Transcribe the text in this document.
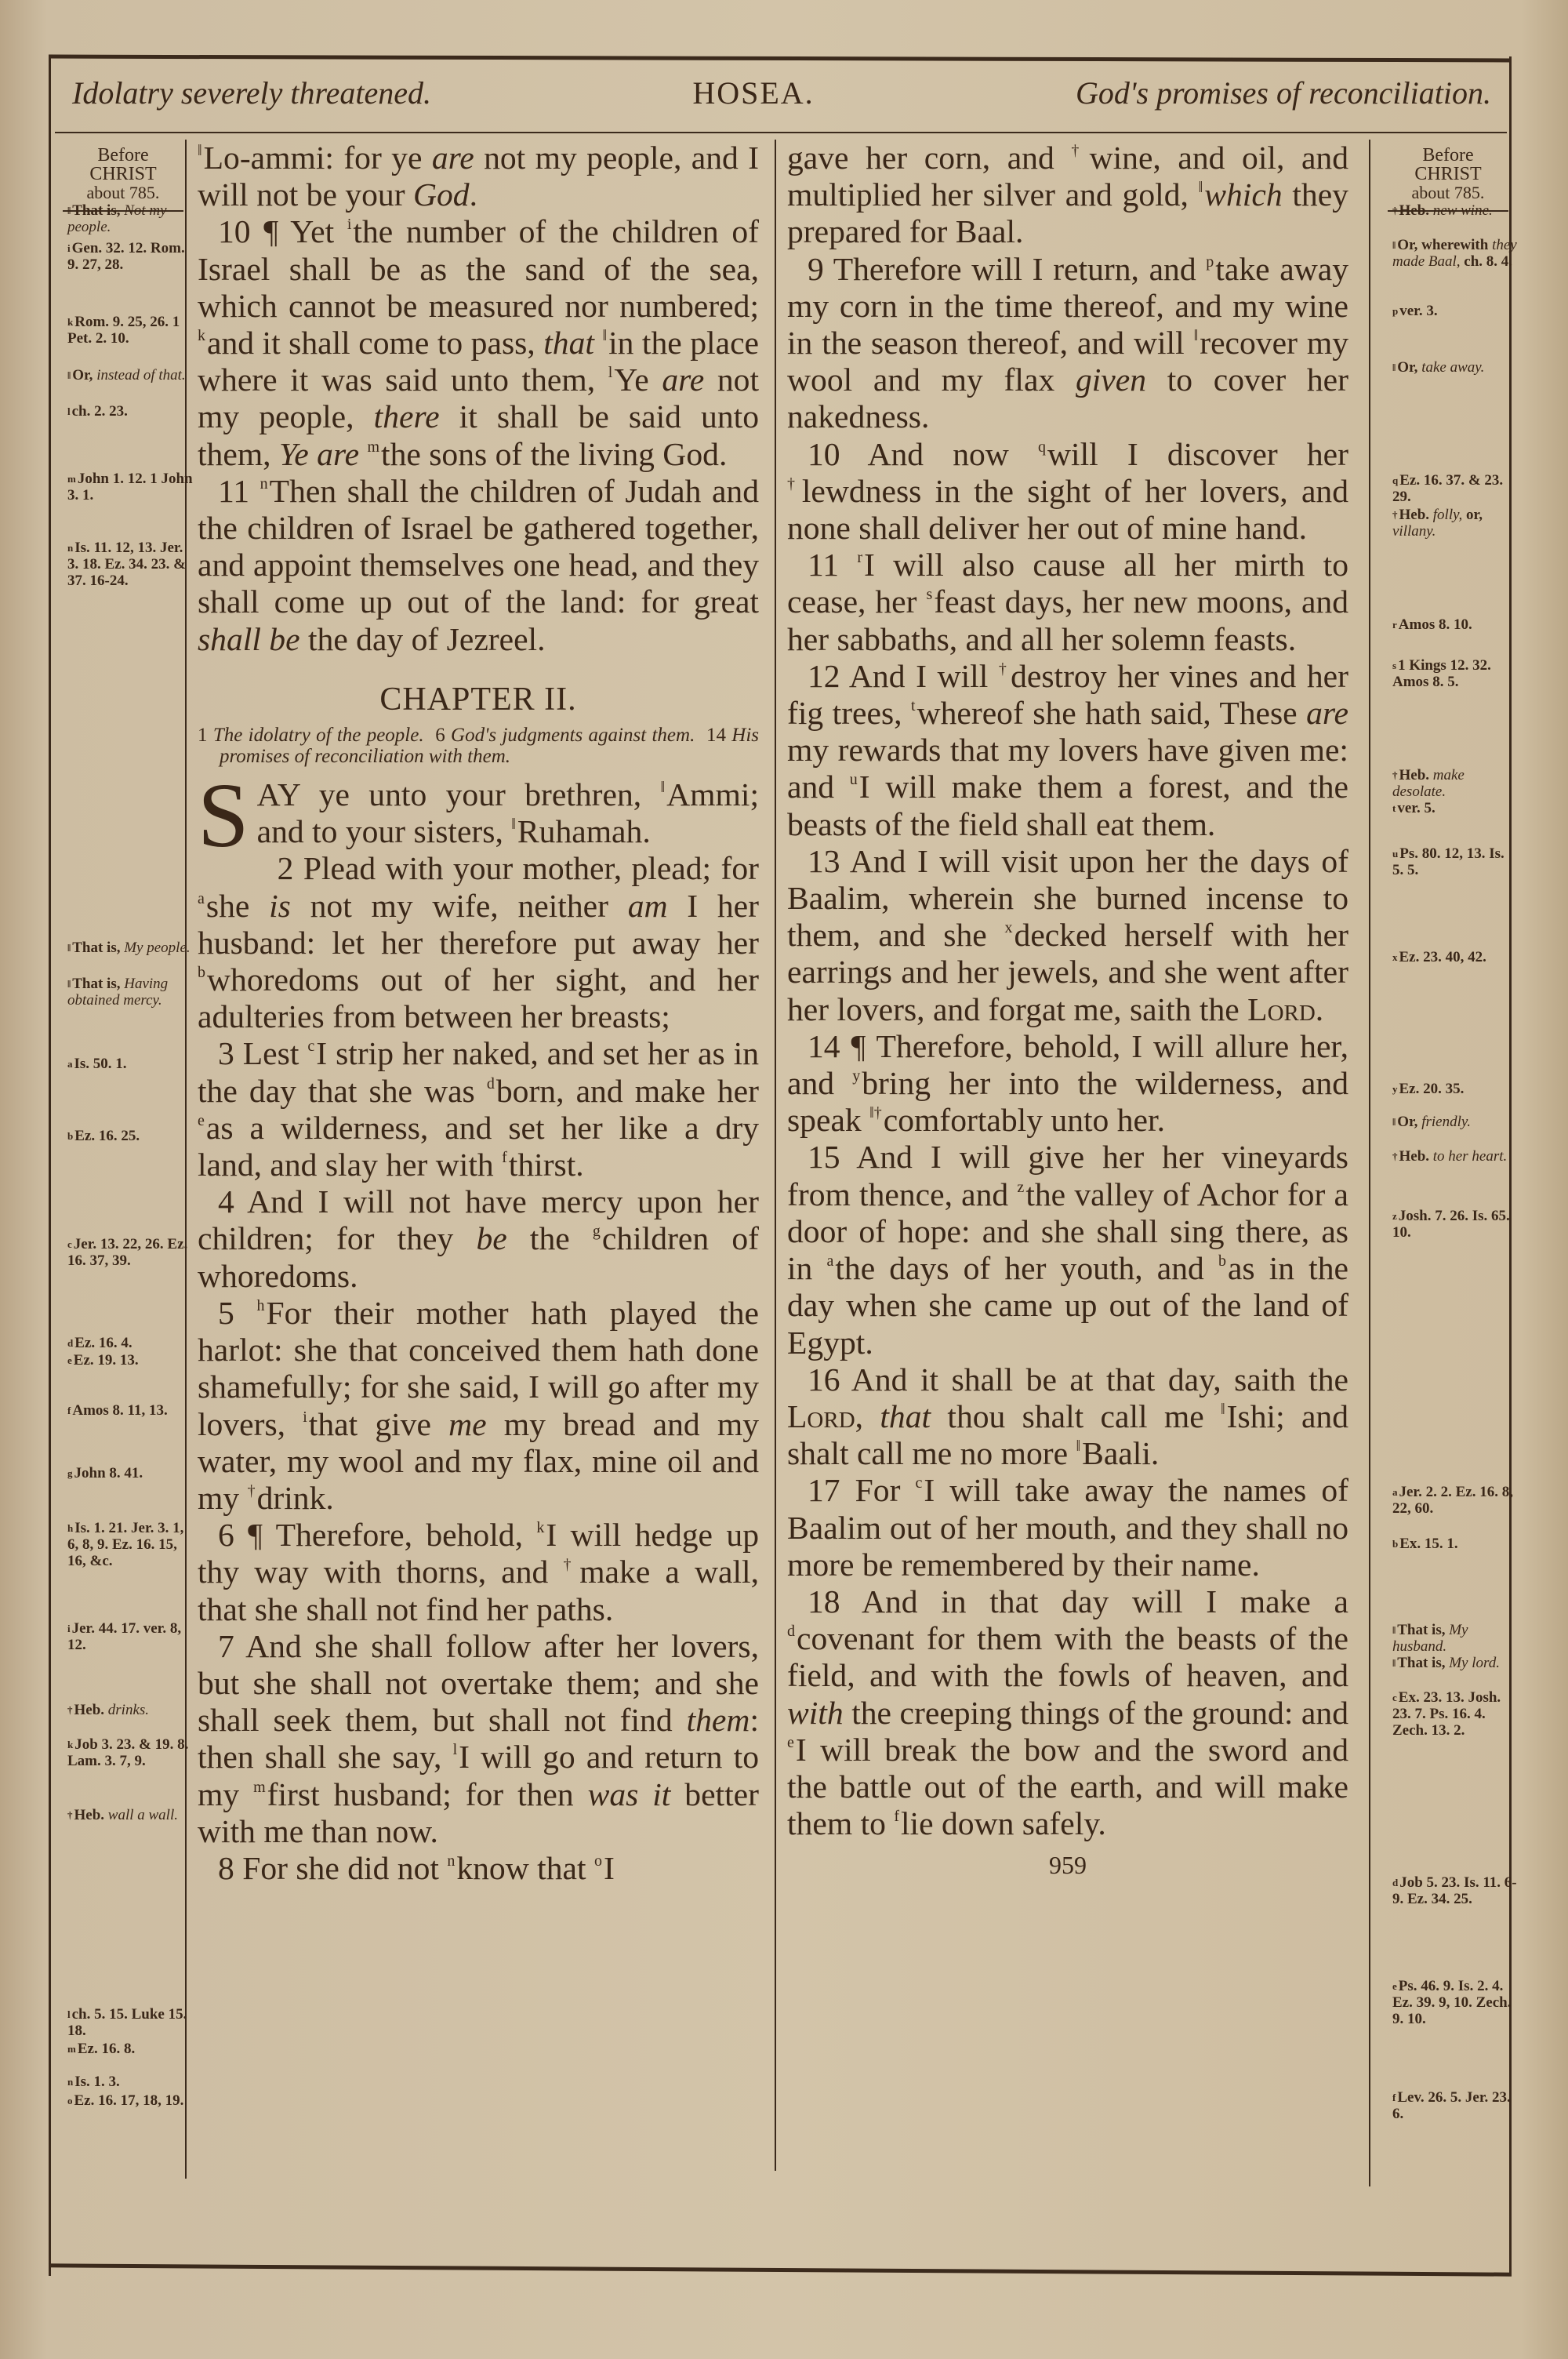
Idolatry severely threatened.	HOSEA.	God's promises of reconciliation.
Before
CHRIST
about 785.
‖ That is, Not my people.
$^i$ Gen. 32. 12. Rom. 9. 27, 28.
$^k$ Rom. 9. 25, 26. 1 Pet. 2. 10.
‖ Or, instead of that.
$^l$ ch. 2. 23.
$^m$ John 1. 12. 1 John 3. 1.
$^n$ Is. 11. 12, 13. Jer. 3. 18. Ez. 34. 23. & 37. 16-24.
‖ That is, My people.
‖ That is, Having obtained mercy.
$^a$ Is. 50. 1.
$^b$ Ez. 16. 25.
$^c$ Jer. 13. 22, 26. Ez. 16. 37, 39.
$^d$ Ez. 16. 4.
$^e$ Ez. 19. 13.
$^f$ Amos 8. 11, 13.
$^g$ John 8. 41.
$^h$ Is. 1. 21. Jer. 3. 1, 6, 8, 9. Ez. 16. 15, 16, &c.
$^i$ Jer. 44. 17. ver. 8, 12.
† Heb. drinks.
$^k$ Job 3. 23. & 19. 8. Lam. 3. 7, 9.
† Heb. wall a wall.
$^l$ ch. 5. 15. Luke 15. 18.
$^m$ Ez. 16. 8.
$^n$ Is. 1. 3.
$^o$ Ez. 16. 17, 18, 19.
Before
CHRIST
about 785.
† Heb. new wine.
‖ Or, wherewith they made Baal, ch. 8. 4.
$^p$ ver. 3.
‖ Or, take away.
$^q$ Ez. 16. 37. & 23. 29.
† Heb. folly, or, villany.
$^r$ Amos 8. 10.
$^s$ 1 Kings 12. 32. Amos 8. 5.
† Heb. make desolate.
$^t$ ver. 5.
$^u$ Ps. 80. 12, 13. Is. 5. 5.
$^x$ Ez. 23. 40, 42.
$^y$ Ez. 20. 35.
‖ Or, friendly.
† Heb. to her heart.
$^z$ Josh. 7. 26. Is. 65. 10.
$^a$ Jer. 2. 2. Ez. 16. 8, 22, 60.
$^b$ Ex. 15. 1.
‖ That is, My husband.
‖ That is, My lord.
$^c$ Ex. 23. 13. Josh. 23. 7. Ps. 16. 4. Zech. 13. 2.
$^d$ Job 5. 23. Is. 11. 6-9. Ez. 34. 25.
$^e$ Ps. 46. 9. Is. 2. 4. Ez. 39. 9, 10. Zech. 9. 10.
$^f$ Lev. 26. 5. Jer. 23. 6.

‖Lo-ammi: for ye are not my people, and I will not be your God.

10 ¶ Yet $^i$the number of the children of Israel shall be as the sand of the sea, which cannot be measured nor numbered; $^k$and it shall come to pass, that ‖in the place where it was said unto them, $^l$Ye are not my people, there it shall be said unto them, Ye are $^m$the sons of the living God.

11 $^n$Then shall the children of Judah and the children of Israel be gathered together, and appoint themselves one head, and they shall come up out of the land: for great shall be the day of Jezreel.

CHAPTER II.
1 The idolatry of the people. 6 God's judgments against them. 14 His promises of reconciliation with them.

SAY ye unto your brethren, ‖Ammi; and to your sisters, ‖Ruhamah.

2 Plead with your mother, plead; for $^a$she is not my wife, neither am I her husband: let her therefore put away her $^b$whoredoms out of her sight, and her adulteries from between her breasts;

3 Lest $^c$I strip her naked, and set her as in the day that she was $^d$born, and make her $^e$as a wilderness, and set her like a dry land, and slay her with $^f$thirst.

4 And I will not have mercy upon her children; for they be the $^g$children of whoredoms.

5 $^h$For their mother hath played the harlot: she that conceived them hath done shamefully; for she said, I will go after my lovers, $^i$that give me my bread and my water, my wool and my flax, mine oil and my †drink.

6 ¶ Therefore, behold, $^k$I will hedge up thy way with thorns, and †make a wall, that she shall not find her paths.

7 And she shall follow after her lovers, but she shall not overtake them; and she shall seek them, but shall not find them: then shall she say, $^l$I will go and return to my $^m$first husband; for then was it better with me than now.

8 For she did not $^n$know that $^o$I

gave her corn, and †wine, and oil, and multiplied her silver and gold, ‖which they prepared for Baal.

9 Therefore will I return, and $^p$take away my corn in the time thereof, and my wine in the season thereof, and will ‖recover my wool and my flax given to cover her nakedness.

10 And now $^q$will I discover her †lewdness in the sight of her lovers, and none shall deliver her out of mine hand.

11 $^r$I will also cause all her mirth to cease, her $^s$feast days, her new moons, and her sabbaths, and all her solemn feasts.

12 And I will †destroy her vines and her fig trees, $^t$whereof she hath said, These are my rewards that my lovers have given me: and $^u$I will make them a forest, and the beasts of the field shall eat them.

13 And I will visit upon her the days of Baalim, wherein she burned incense to them, and she $^x$decked herself with her earrings and her jewels, and she went after her lovers, and forgat me, saith the Lord.

14 ¶ Therefore, behold, I will allure her, and $^y$bring her into the wilderness, and speak ‖†comfortably unto her.

15 And I will give her her vineyards from thence, and $^z$the valley of Achor for a door of hope: and she shall sing there, as in $^a$the days of her youth, and $^b$as in the day when she came up out of the land of Egypt.

16 And it shall be at that day, saith the Lord, that thou shalt call me ‖Ishi; and shalt call me no more ‖Baali.

17 For $^c$I will take away the names of Baalim out of her mouth, and they shall no more be remembered by their name.

18 And in that day will I make a $^d$covenant for them with the beasts of the field, and with the fowls of heaven, and with the creeping things of the ground: and $^e$I will break the bow and the sword and the battle out of the earth, and will make them to $^f$lie down safely.

959
